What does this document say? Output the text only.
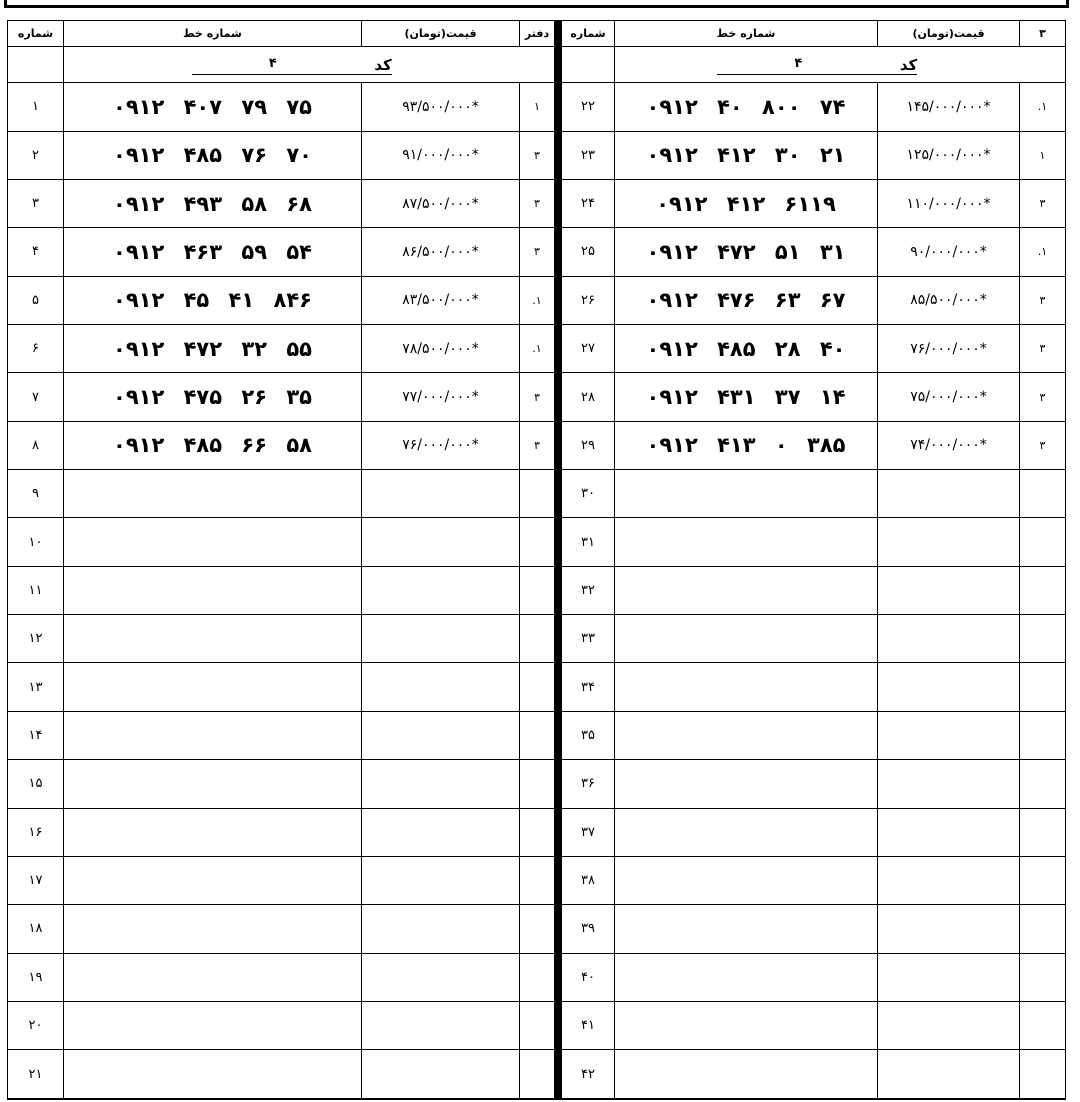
شماره	شماره خط	قیمت(تومان)	۳
	کد
۴		

۲۲	۰۹۱۲ ۴۰ ۸۰۰ ۷۴	۱۴۵/۰۰۰/۰۰۰*	.۱
۲۳	۰۹۱۲ ۴۱۲ ۳۰ ۲۱	۱۲۵/۰۰۰/۰۰۰*	۱
۲۴	۰۹۱۲ ۴۱۲ ۶۱۱۹	۱۱۰/۰۰۰/۰۰۰*	۳
۲۵	۰۹۱۲ ۴۷۲ ۵۱ ۳۱	۹۰/۰۰۰/۰۰۰*	.۱
۲۶	۰۹۱۲ ۴۷۶ ۶۳ ۶۷	۸۵/۵۰۰/۰۰۰*	۳
۲۷	۰۹۱۲ ۴۸۵ ۲۸ ۴۰	۷۶/۰۰۰/۰۰۰*	۳
۲۸	۰۹۱۲ ۴۳۱ ۳۷ ۱۴	۷۵/۰۰۰/۰۰۰*	۳
۲۹	۰۹۱۲ ۴۱۳ ۰ ۳۸۵	۷۴/۰۰۰/۰۰۰*	۳
۳۰			
۳۱			
۳۲			
۳۳			
۳۴			
۳۵			
۳۶			
۳۷			
۳۸			
۳۹			
۴۰			
۴۱			
۴۲			
شماره	شماره خط	قیمت(تومان)	دفتر
	کد
۴		

۱	۰۹۱۲ ۴۰۷ ۷۹ ۷۵	۹۳/۵۰۰/۰۰۰*	۱
۲	۰۹۱۲ ۴۸۵ ۷۶ ۷۰	۹۱/۰۰۰/۰۰۰*	۳
۳	۰۹۱۲ ۴۹۳ ۵۸ ۶۸	۸۷/۵۰۰/۰۰۰*	۳
۴	۰۹۱۲ ۴۶۳ ۵۹ ۵۴	۸۶/۵۰۰/۰۰۰*	۳
۵	۰۹۱۲ ۴۵ ۴۱ ۸۴۶	۸۳/۵۰۰/۰۰۰*	.۱
۶	۰۹۱۲ ۴۷۲ ۳۲ ۵۵	۷۸/۵۰۰/۰۰۰*	.۱
۷	۰۹۱۲ ۴۷۵ ۲۶ ۳۵	۷۷/۰۰۰/۰۰۰*	۳
۸	۰۹۱۲ ۴۸۵ ۶۶ ۵۸	۷۶/۰۰۰/۰۰۰*	۳
۹			
۱۰			
۱۱			
۱۲			
۱۳			
۱۴			
۱۵			
۱۶			
۱۷			
۱۸			
۱۹			
۲۰			
۲۱			
